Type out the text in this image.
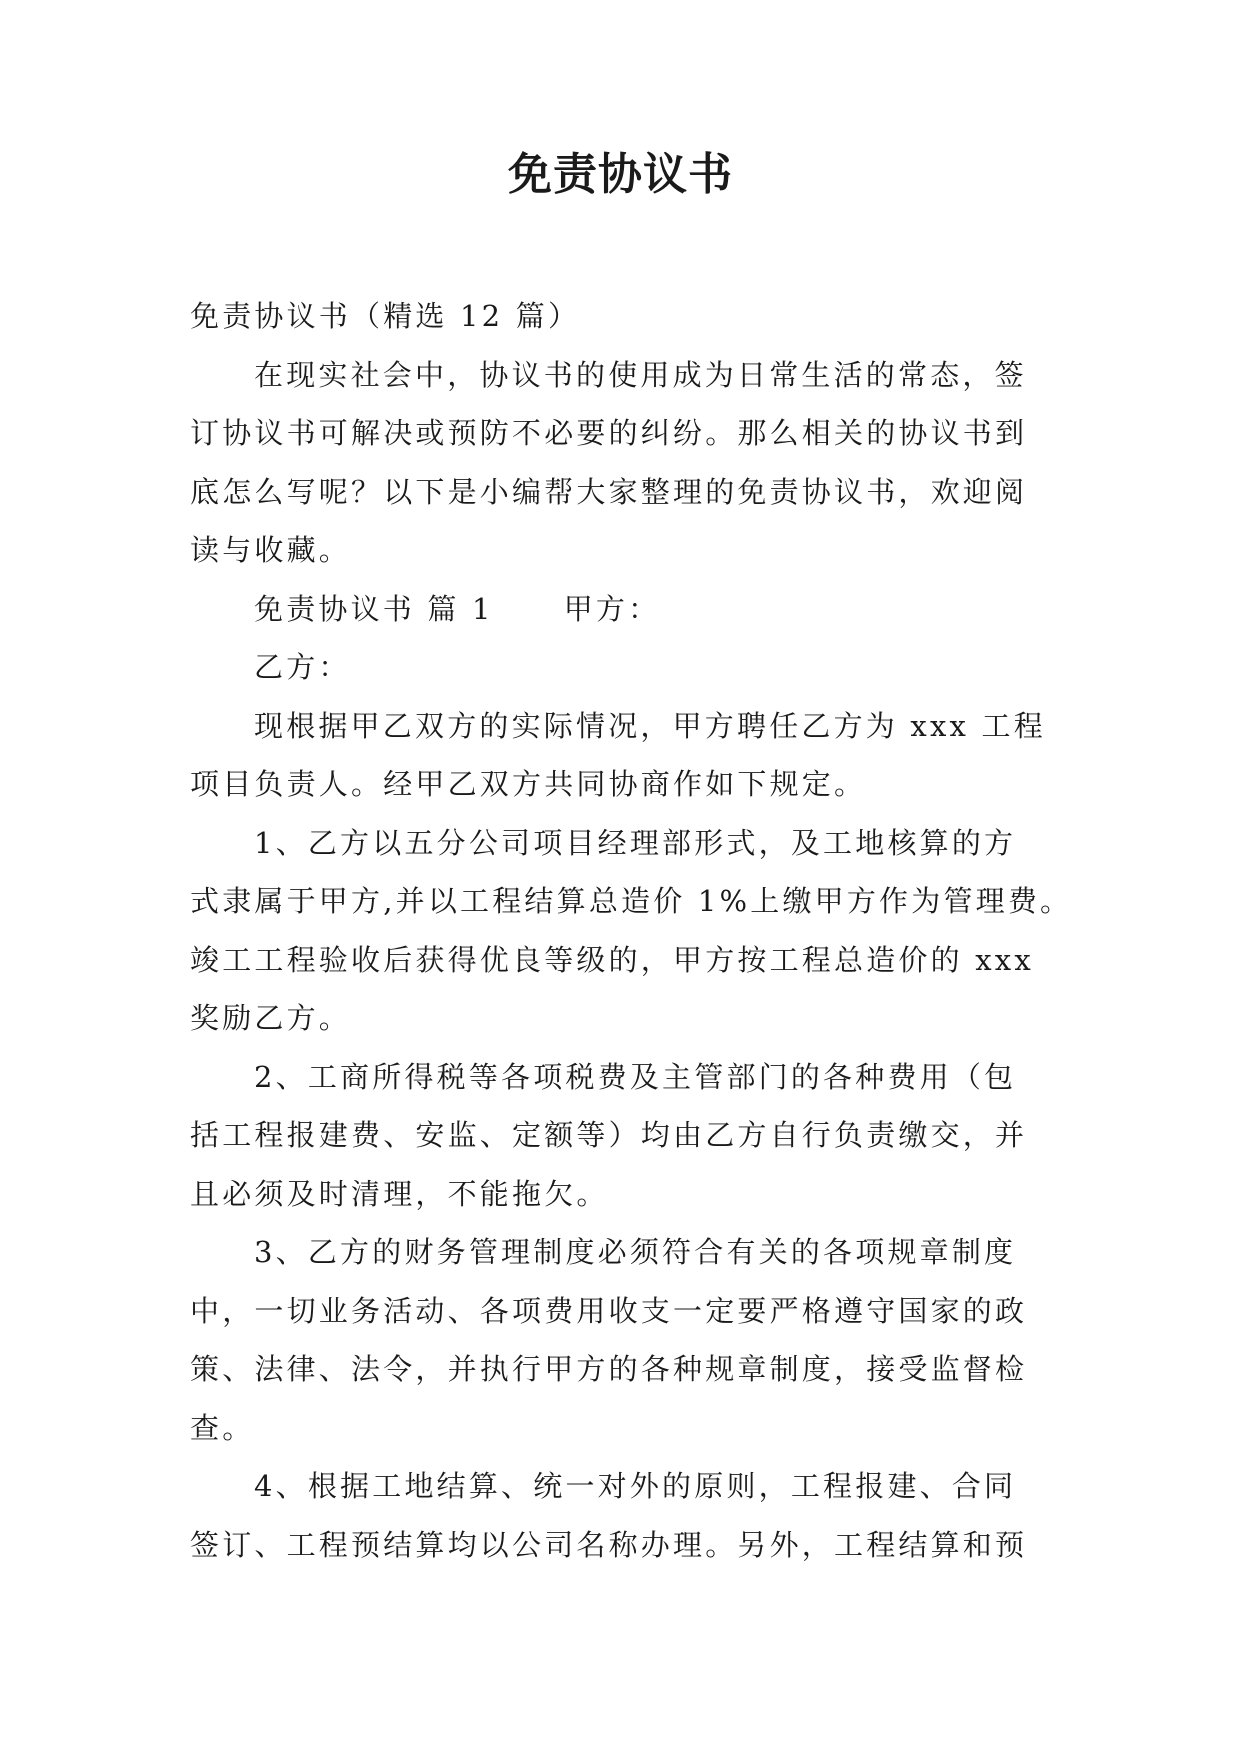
免责协议书

免责协议书（精选 12 篇）

在现实社会中，协议书的使用成为日常生活的常态，签

订协议书可解决或预防不必要的纠纷。那么相关的协议书到

底怎么写呢？以下是小编帮大家整理的免责协议书，欢迎阅

读与收藏。

免责协议书 篇 1 甲方：

乙方：

现根据甲乙双方的实际情况，甲方聘任乙方为 xxx 工程

项目负责人。经甲乙双方共同协商作如下规定。

1、乙方以五分公司项目经理部形式，及工地核算的方

式隶属于甲方,并以工程结算总造价 1%上缴甲方作为管理费。

竣工工程验收后获得优良等级的，甲方按工程总造价的 xxx

奖励乙方。

2、工商所得税等各项税费及主管部门的各种费用（包

括工程报建费、安监、定额等）均由乙方自行负责缴交，并

且必须及时清理，不能拖欠。

3、乙方的财务管理制度必须符合有关的各项规章制度

中，一切业务活动、各项费用收支一定要严格遵守国家的政

策、法律、法令，并执行甲方的各种规章制度，接受监督检

查。

4、根据工地结算、统一对外的原则，工程报建、合同

签订、工程预结算均以公司名称办理。另外，工程结算和预
